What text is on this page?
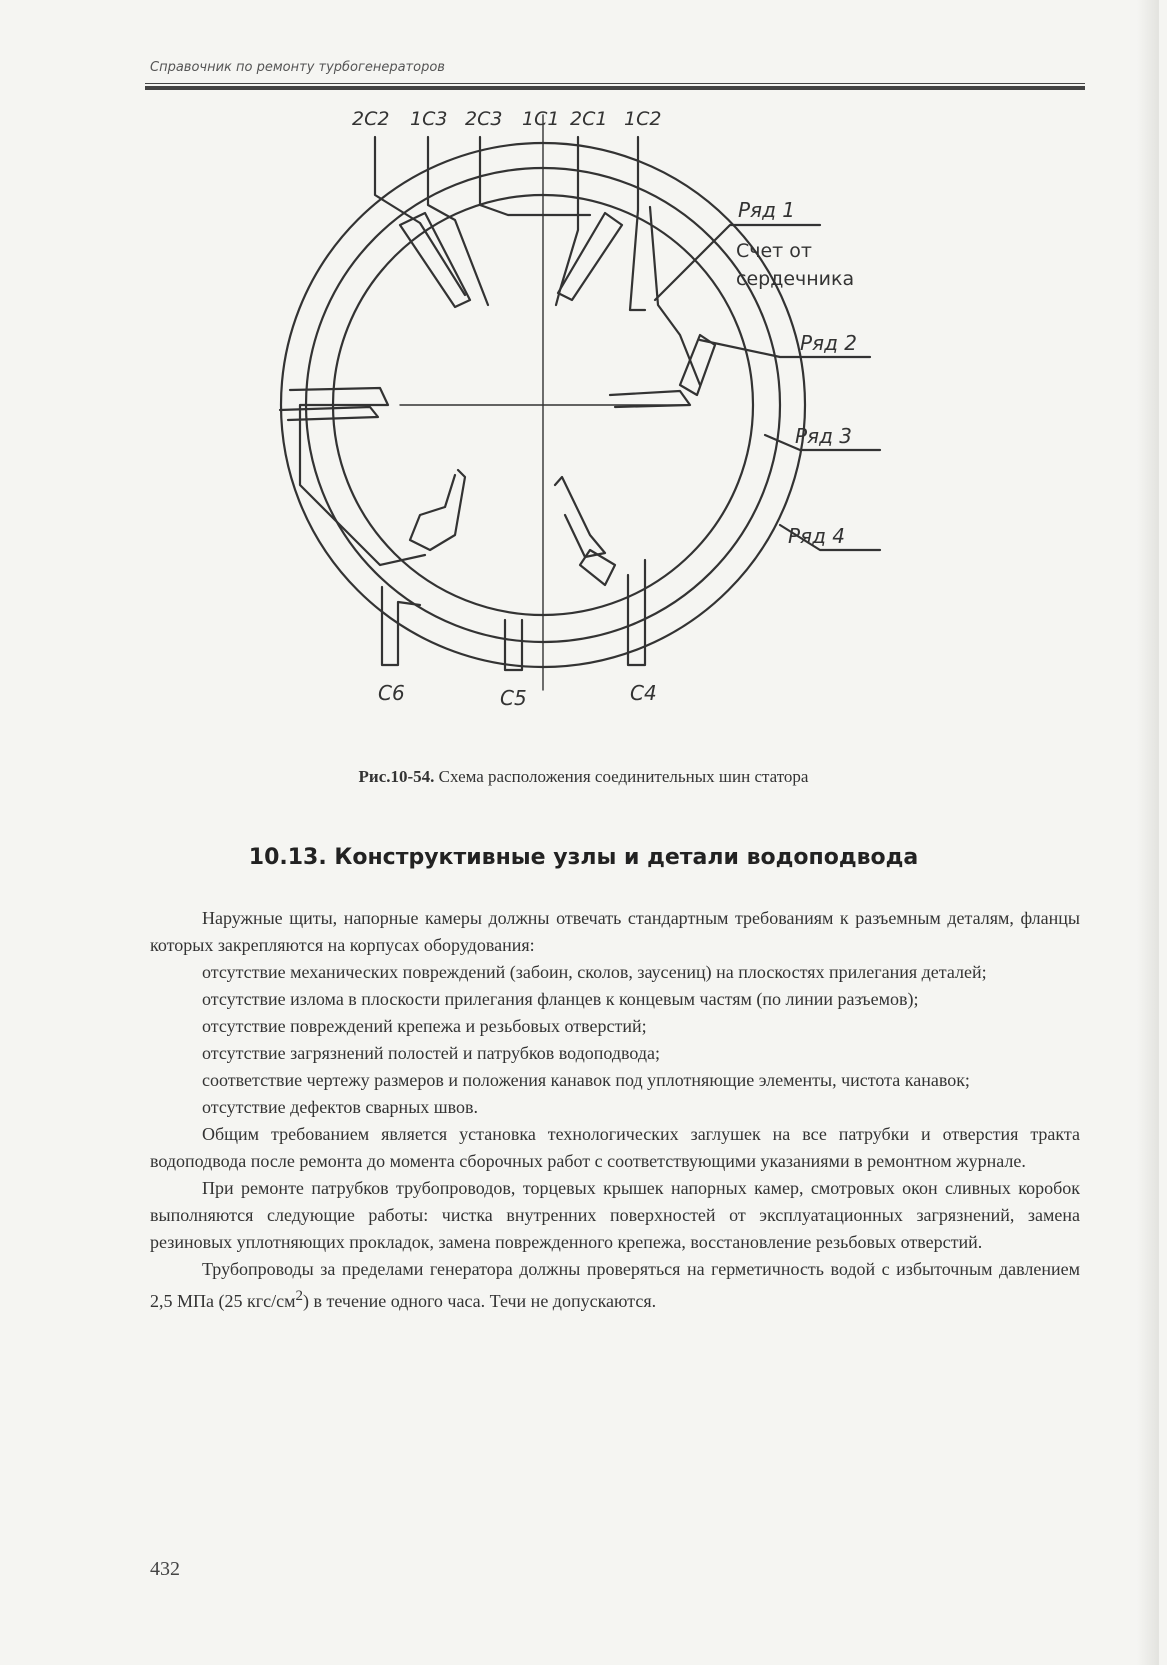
Справочник по ремонту турбогенераторов
2С2 1С3 2С3 1С1 2С1 1С2
С6	С5	С4
Ряд 1
Счет от
сердечника
Ряд 2
Ряд 3
Ряд 4
Рис.10-54. Схема расположения соединительных шин статора
10.13. Конструктивные узлы и детали водоподвода

Наружные щиты, напорные камеры должны отвечать стандартным требованиям к разъемным деталям, фланцы которых закрепляются на корпусах оборудования:

отсутствие механических повреждений (забоин, сколов, заусениц) на плоскостях прилегания деталей;

отсутствие излома в плоскости прилегания фланцев к концевым частям (по линии разъемов);

отсутствие повреждений крепежа и резьбовых отверстий;

отсутствие загрязнений полостей и патрубков водоподвода;

соответствие чертежу размеров и положения канавок под уплотняющие элементы, чистота канавок;

отсутствие дефектов сварных швов.

Общим требованием является установка технологических заглушек на все патрубки и отверстия тракта водоподвода после ремонта до момента сборочных работ с соответствующими указаниями в ремонтном журнале.

При ремонте патрубков трубопроводов, торцевых крышек напорных камер, смотровых окон сливных коробок выполняются следующие работы: чистка внутренних поверхностей от эксплуатационных загрязнений, замена резиновых уплотняющих прокладок, замена поврежденного крепежа, восстановление резьбовых отверстий.

Трубопроводы за пределами генератора должны проверяться на герметичность водой с избыточным давлением 2,5 МПа (25 кгс/$см^2$) в течение одного часа. Течи не допускаются.

432
